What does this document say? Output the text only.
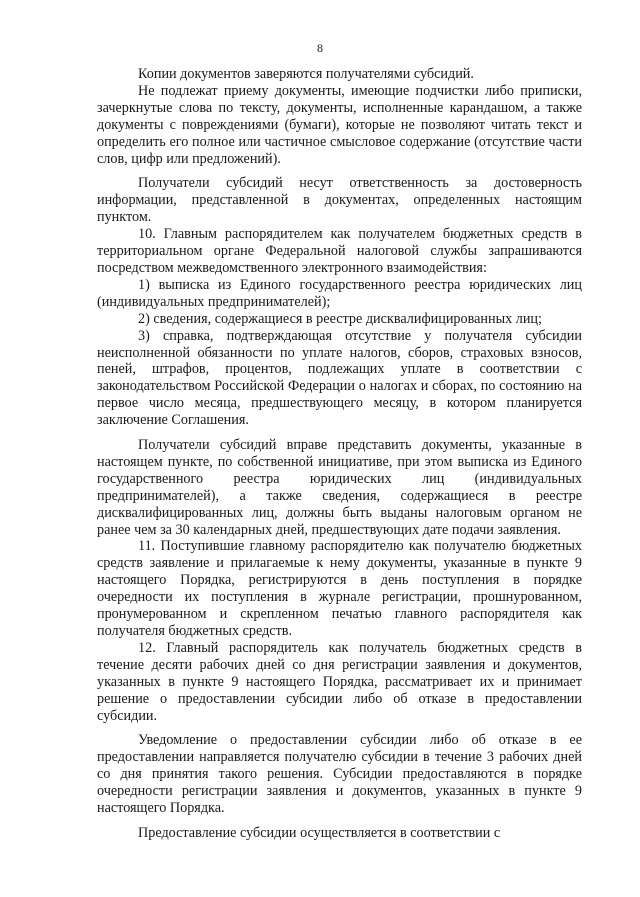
8

Копии документов заверяются получателями субсидий.

Не подлежат приему документы, имеющие подчистки либо приписки, зачеркнутые слова по тексту, документы, исполненные карандашом, а также документы с повреждениями (бумаги), которые не позволяют читать текст и определить его полное или частичное смысловое содержание (отсутствие части слов, цифр или предложений).

Получатели субсидий несут ответственность за достоверность информации, представленной в документах, определенных настоящим пунктом.

10. Главным распорядителем как получателем бюджетных средств в территориальном органе Федеральной налоговой службы запрашиваются посредством межведомственного электронного взаимодействия:

1) выписка из Единого государственного реестра юридических лиц (индивидуальных предпринимателей);

2) сведения, содержащиеся в реестре дисквалифицированных лиц;

3) справка, подтверждающая отсутствие у получателя субсидии неисполненной обязанности по уплате налогов, сборов, страховых взносов, пеней, штрафов, процентов, подлежащих уплате в соответствии с законодательством Российской Федерации о налогах и сборах, по состоянию на первое число месяца, предшествующего месяцу, в котором планируется заключение Соглашения.

Получатели субсидий вправе представить документы, указанные в настоящем пункте, по собственной инициативе, при этом выписка из Единого государственного реестра юридических лиц (индивидуальных предпринимателей), а также сведения, содержащиеся в реестре дисквалифицированных лиц, должны быть выданы налоговым органом не ранее чем за 30 календарных дней, предшествующих дате подачи заявления.

11. Поступившие главному распорядителю как получателю бюджетных средств заявление и прилагаемые к нему документы, указанные в пункте 9 настоящего Порядка, регистрируются в день поступления в порядке очередности их поступления в журнале регистрации, прошнурованном, пронумерованном и скрепленном печатью главного распорядителя как получателя бюджетных средств.

12. Главный распорядитель как получатель бюджетных средств в течение десяти рабочих дней со дня регистрации заявления и документов, указанных в пункте 9 настоящего Порядка, рассматривает их и принимает решение о предоставлении субсидии либо об отказе в предоставлении субсидии.

Уведомление о предоставлении субсидии либо об отказе в ее предоставлении направляется получателю субсидии в течение 3 рабочих дней со дня принятия такого решения. Субсидии предоставляются в порядке очередности регистрации заявления и документов, указанных в пункте 9 настоящего Порядка.

Предоставление субсидии осуществляется в соответствии с
